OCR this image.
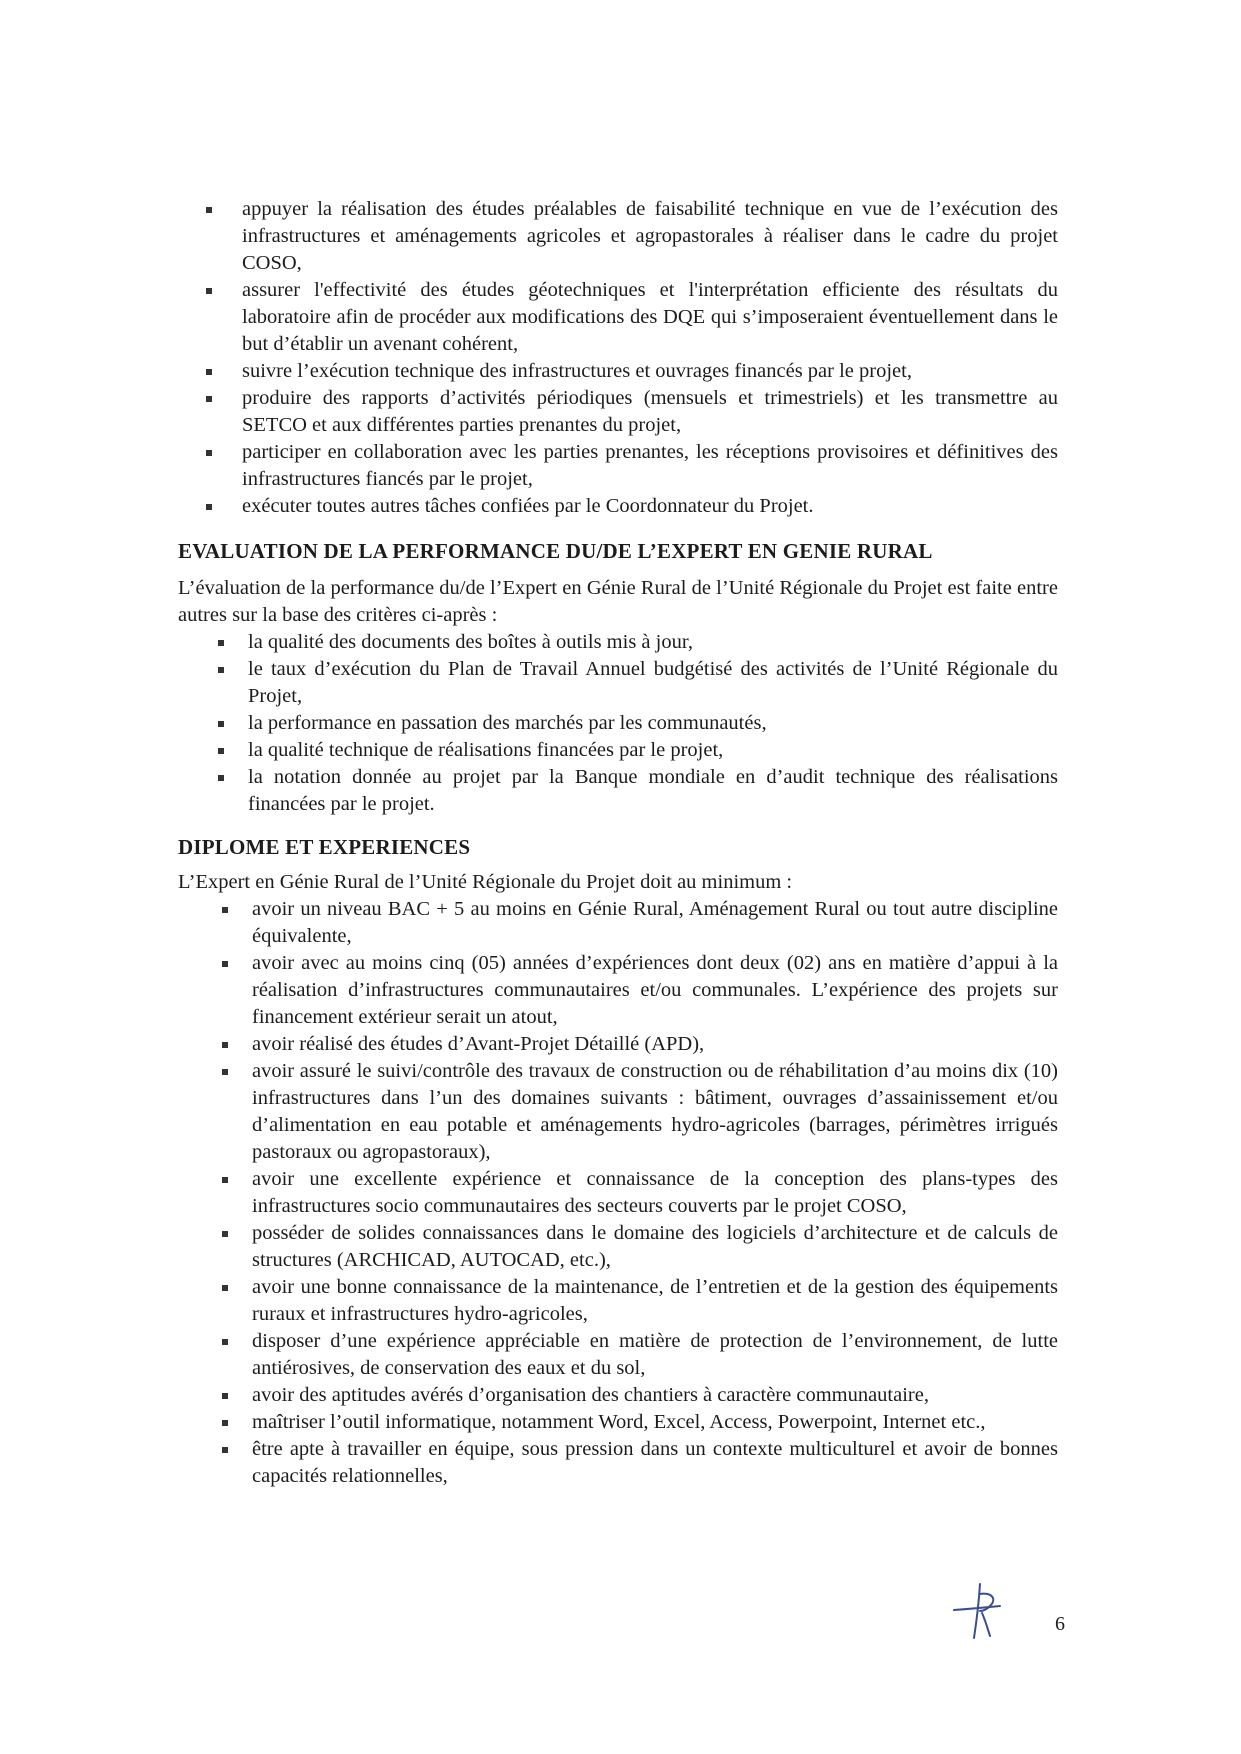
appuyer la réalisation des études préalables de faisabilité technique en vue de l’exécution des infrastructures et aménagements agricoles et agropastorales à réaliser dans le cadre du projet COSO,
assurer l'effectivité des études géotechniques et l'interprétation efficiente des résultats du laboratoire afin de procéder aux modifications des DQE qui s’imposeraient éventuellement dans le but d’établir un avenant cohérent,
suivre l’exécution technique des infrastructures et ouvrages financés par le projet,
produire des rapports d’activités périodiques (mensuels et trimestriels) et les transmettre au SETCO et aux différentes parties prenantes du projet,
participer en collaboration avec les parties prenantes, les réceptions provisoires et définitives des infrastructures fiancés par le projet,
exécuter toutes autres tâches confiées par le Coordonnateur du Projet.
EVALUATION DE LA PERFORMANCE DU/DE L’EXPERT EN GENIE RURAL

L’évaluation de la performance du/de l’Expert en Génie Rural de l’Unité Régionale du Projet est faite entre autres sur la base des critères ci-après :

la qualité des documents des boîtes à outils mis à jour,
le taux d’exécution du Plan de Travail Annuel budgétisé des activités de l’Unité Régionale du Projet,
la performance en passation des marchés par les communautés,
la qualité technique de réalisations financées par le projet,
la notation donnée au projet par la Banque mondiale en d’audit technique des réalisations financées par le projet.
DIPLOME ET EXPERIENCES

L’Expert en Génie Rural de l’Unité Régionale du Projet doit au minimum :

avoir un niveau BAC + 5 au moins en Génie Rural, Aménagement Rural ou tout autre discipline équivalente,
avoir avec au moins cinq (05) années d’expériences dont deux (02) ans en matière d’appui à la réalisation d’infrastructures communautaires et/ou communales. L’expérience des projets sur financement extérieur serait un atout,
avoir réalisé des études d’Avant-Projet Détaillé (APD),
avoir assuré le suivi/contrôle des travaux de construction ou de réhabilitation d’au moins dix (10) infrastructures dans l’un des domaines suivants : bâtiment, ouvrages d’assainissement et/ou d’alimentation en eau potable et aménagements hydro-agricoles (barrages, périmètres irrigués pastoraux ou agropastoraux),
avoir une excellente expérience et connaissance de la conception des plans-types des infrastructures socio communautaires des secteurs couverts par le projet COSO,
posséder de solides connaissances dans le domaine des logiciels d’architecture et de calculs de structures (ARCHICAD, AUTOCAD, etc.),
avoir une bonne connaissance de la maintenance, de l’entretien et de la gestion des équipements ruraux et infrastructures hydro-agricoles,
disposer d’une expérience appréciable en matière de protection de l’environnement, de lutte antiérosives, de conservation des eaux et du sol,
avoir des aptitudes avérés d’organisation des chantiers à caractère communautaire,
maîtriser l’outil informatique, notamment Word, Excel, Access, Powerpoint, Internet etc.,
être apte à travailler en équipe, sous pression dans un contexte multiculturel et avoir de bonnes capacités relationnelles,
6
